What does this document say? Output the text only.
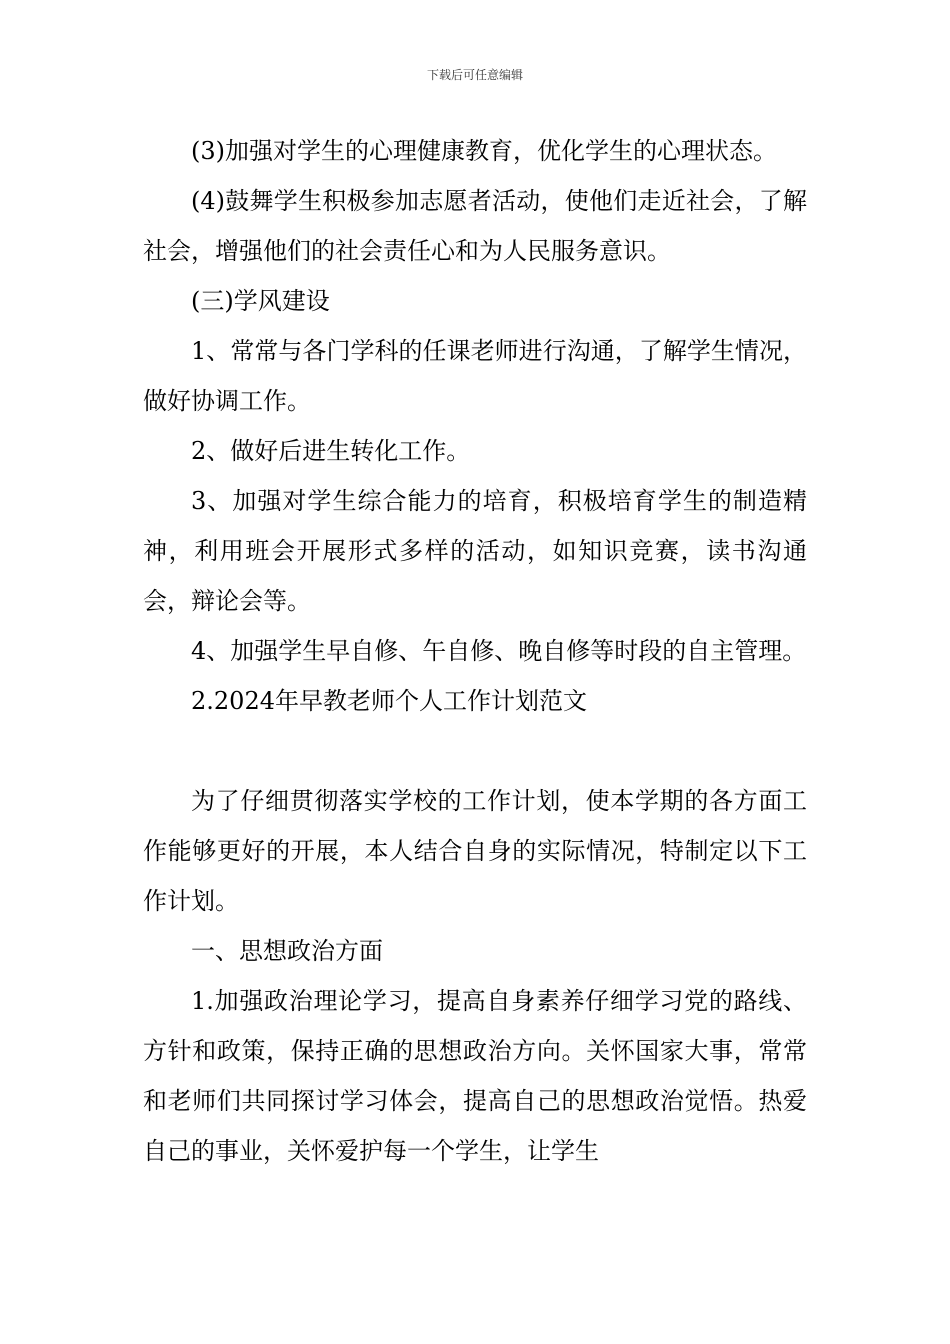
下载后可任意编辑

(3)加强对学生的心理健康教育，优化学生的心理状态。

(4)鼓舞学生积极参加志愿者活动，使他们走近社会，了解社会，增强他们的社会责任心和为人民服务意识。

(三)学风建设

1、常常与各门学科的任课老师进行沟通，了解学生情况，做好协调工作。

2、做好后进生转化工作。

3、加强对学生综合能力的培育，积极培育学生的制造精神，利用班会开展形式多样的活动，如知识竞赛，读书沟通会，辩论会等。

4、加强学生早自修、午自修、晚自修等时段的自主管理。

2.2024年早教老师个人工作计划范文

为了仔细贯彻落实学校的工作计划，使本学期的各方面工作能够更好的开展，本人结合自身的实际情况，特制定以下工作计划。

一、思想政治方面

1.加强政治理论学习，提高自身素养仔细学习党的路线、方针和政策，保持正确的思想政治方向。关怀国家大事，常常和老师们共同探讨学习体会，提高自己的思想政治觉悟。热爱自己的事业，关怀爱护每一个学生，让学生
